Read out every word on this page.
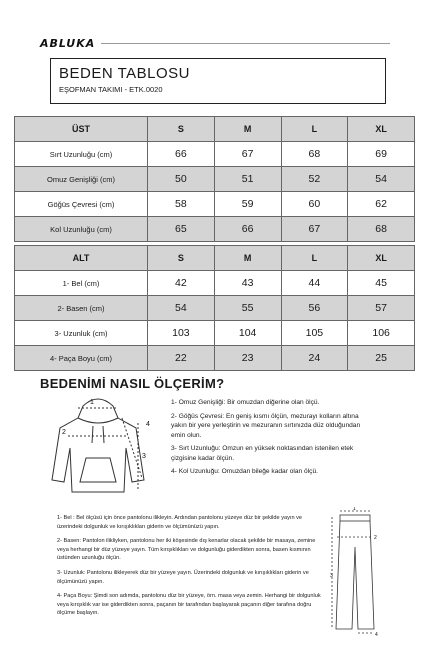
ABLUKA
BEDEN TABLOSU
EŞOFMAN TAKIMI - ETK.0020
ÜST	S	M	L	XL
Sırt Uzunluğu (cm)	66	67	68	69
Omuz Genişliği (cm)	50	51	52	54
Göğüs Çevresi (cm)	58	59	60	62
Kol Uzunluğu (cm)	65	66	67	68
ALT	S	M	L	XL
1- Bel (cm)	42	43	44	45
2- Basen (cm)	54	55	56	57
3- Uzunluk (cm)	103	104	105	106
4- Paça Boyu (cm)	22	23	24	25
BEDENİMİ NASIL ÖLÇERİM?
1
2
3
4

1- Omuz Genişliği: Bir omuzdan diğerine olan ölçü.

2- Göğüs Çevresi: En geniş kısmı ölçün, mezurayı kolların altına yakın bir yere yerleştirin ve mezuranın sırtınızda düz olduğundan emin olun.

3- Sırt Uzunluğu: Omzun en yüksek noktasından istenilen etek çizgisine kadar ölçün.

4- Kol Uzunluğu: Omuzdan bileğe kadar olan ölçü.

1- Bel : Bel ölçüsü için önce pantolonu ilikleyin. Ardından pantolonu yüzeye düz bir şekilde yayın ve üzerindeki dolgunluk ve kırışıklıkları giderin ve ölçümünüzü yapın.

2- Basen: Pantolon ilikliyken, pantolonu her iki köşesinde dış kenarlar olacak şekilde bir masaya, zemine veya herhangi bir düz yüzeye yayın. Tüm kırışıklıkları ve dolgunluğu giderdikten sonra, basen kısmının üstünden uzunluğu ölçün.

3- Uzunluk: Pantolonu ilikleyerek düz bir yüzeye yayın. Üzerindeki dolgunluk ve kırışıklıkları giderin ve ölçümünüzü yapın.

4- Paça Boyu: Şimdi son adımda, pantolonu düz bir yüzeye, örn. masa veya zemin. Herhangi bir dolgunluk veya kırışıklık var ise giderdikten sonra, paçanın bir tarafından başlayarak paçanın diğer tarafına doğru ölçüme başlayın.

1
2
3
4
